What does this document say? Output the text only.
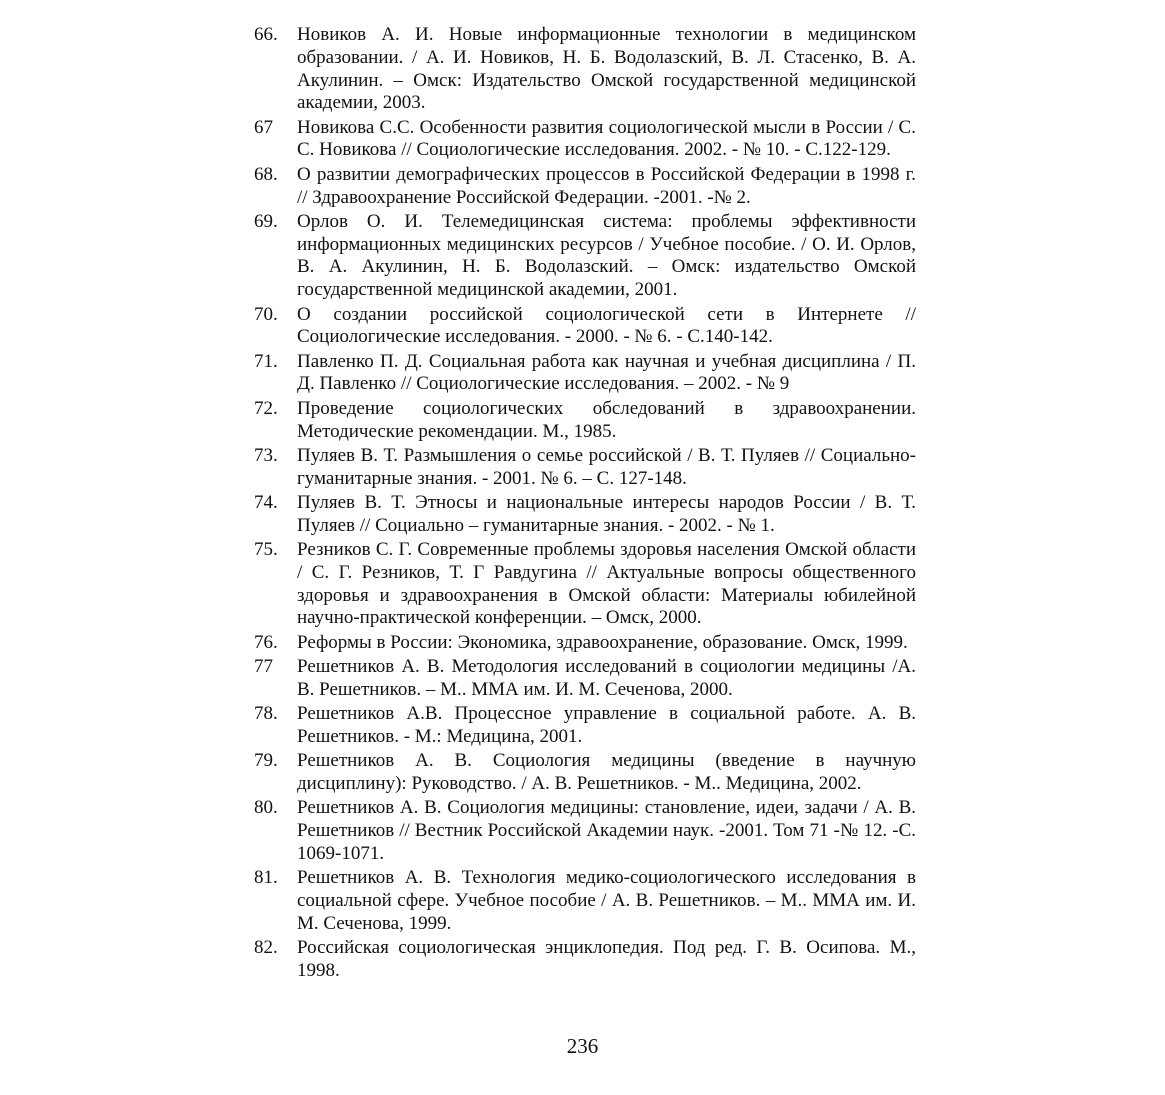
66.	Новиков А. И. Новые информационные технологии в медицинском образовании. / А. И. Новиков, Н. Б. Водолазский, В. Л. Стасенко, В. А. Акулинин. – Омск: Издательство Омской государственной медицинской академии, 2003.
67	Новикова С.С. Особенности развития социологической мысли в России / С. С. Новикова // Социологические исследования. 2002. - № 10. - С.122-129.
68.	О развитии демографических процессов в Российской Федерации в 1998 г. // Здравоохранение Российской Федерации. -2001. -№ 2.
69.	Орлов О. И. Телемедицинская система: проблемы эффективности информационных медицинских ресурсов / Учебное пособие. / О. И. Орлов, В. А. Акулинин, Н. Б. Водолазский. – Омск: издательство Омской государственной медицинской академии, 2001.
70.	О создании российской социологической сети в Интернете // Социологические исследования. - 2000. - № 6. - С.140-142.
71.	Павленко П. Д. Социальная работа как научная и учебная дисциплина / П. Д. Павленко // Социологические исследования. – 2002. - № 9
72.	Проведение социологических обследований в здравоохранении. Методические рекомендации. М., 1985.
73.	Пуляев В. Т. Размышления о семье российской / В. Т. Пуляев // Социально-гуманитарные знания. - 2001. № 6. – С. 127-148.
74.	Пуляев В. Т. Этносы и национальные интересы народов России / В. Т. Пуляев // Социально – гуманитарные знания. - 2002. - № 1.
75.	Резников С. Г. Современные проблемы здоровья населения Омской области / С. Г. Резников, Т. Г Равдугина // Актуальные вопросы общественного здоровья и здравоохранения в Омской области: Материалы юбилейной научно-практической конференции. – Омск, 2000.
76.	Реформы в России: Экономика, здравоохранение, образование. Омск, 1999.
77	Решетников А. В. Методология исследований в социологии медицины /А. В. Решетников. – М.. ММА им. И. М. Сеченова, 2000.
78.	Решетников А.В. Процессное управление в социальной работе. А. В. Решетников. - М.: Медицина, 2001.
79.	Решетников А. В. Социология медицины (введение в научную дисциплину): Руководство. / А. В. Решетников. - М.. Медицина, 2002.
80.	Решетников А. В. Социология медицины: становление, идеи, задачи / А. В. Решетников // Вестник Российской Академии наук. -2001. Том 71 -№ 12. -С. 1069-1071.
81.	Решетников А. В. Технология медико-социологического исследования в социальной сфере. Учебное пособие / А. В. Решетников. – М.. ММА им. И. М. Сеченова, 1999.
82.	Российская социологическая энциклопедия. Под ред. Г. В. Осипова. М., 1998.
236
